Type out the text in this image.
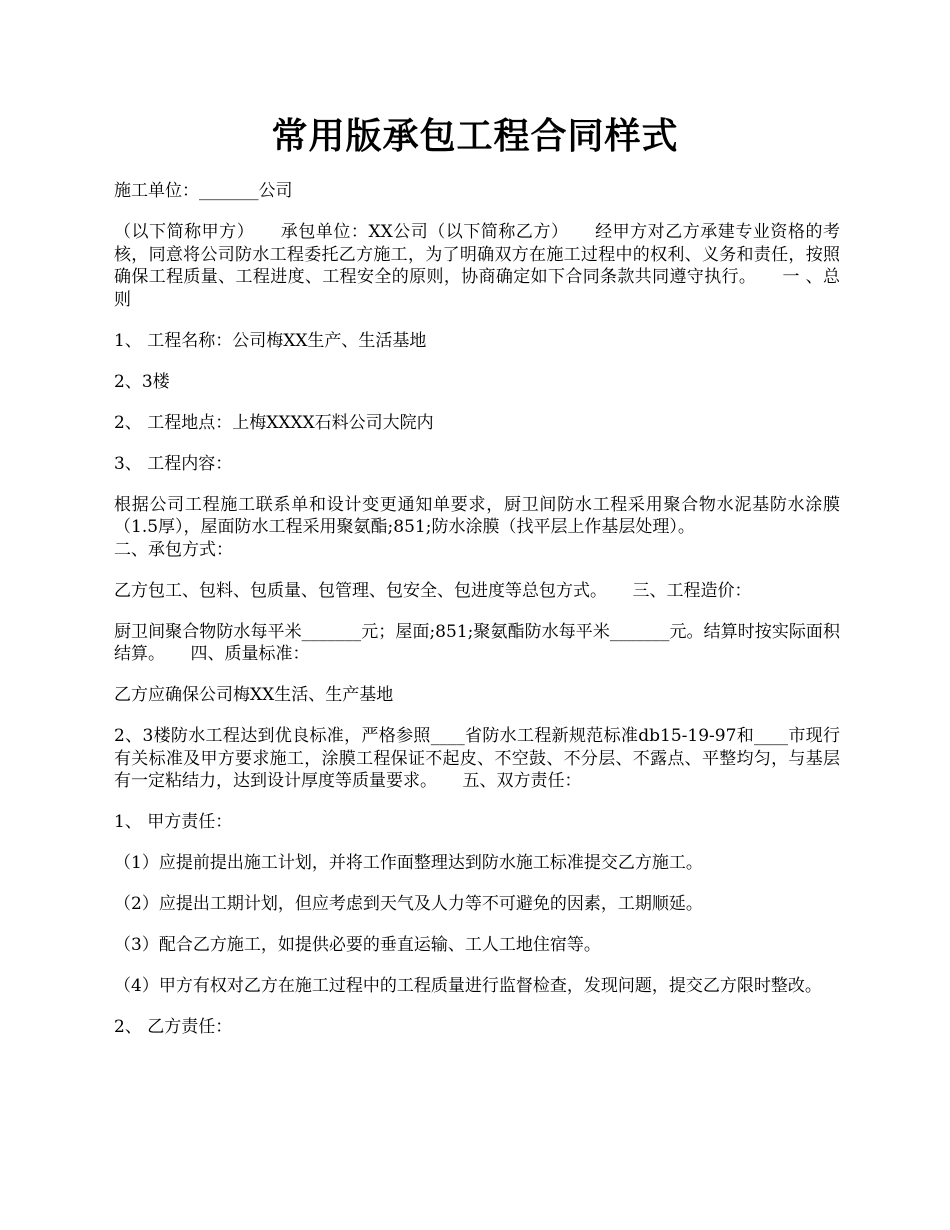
常用版承包工程合同样式

施工单位：_______公司

（以下简称甲方）　　承包单位：XX公司（以下简称乙方）　　经甲方对乙方承建专业资格的考核，同意将公司防水工程委托乙方施工，为了明确双方在施工过程中的权利、义务和责任，按照确保工程质量、工程进度、工程安全的原则，协商确定如下合同条款共同遵守执行。　　一 、总则

1、 工程名称：公司梅XX生产、生活基地

2、3楼

2、 工程地点：上梅XXXX石料公司大院内

3、 工程内容：

根据公司工程施工联系单和设计变更通知单要求，厨卫间防水工程采用聚合物水泥基防水涂膜（1.5厚），屋面防水工程采用聚氨酯;851;防水涂膜（找平层上作基层处理）。

二、承包方式：

乙方包工、包料、包质量、包管理、包安全、包进度等总包方式。　　三、工程造价：

厨卫间聚合物防水每平米_______元；屋面;851;聚氨酯防水每平米_______元。结算时按实际面积结算。　　四、质量标准：

乙方应确保公司梅XX生活、生产基地

2、3楼防水工程达到优良标准，严格参照____省防水工程新规范标准db15-19-97和____市现行有关标准及甲方要求施工，涂膜工程保证不起皮、不空鼓、不分层、不露点、平整均匀，与基层有一定粘结力，达到设计厚度等质量要求。　　五、双方责任：

1、 甲方责任：

（1）应提前提出施工计划，并将工作面整理达到防水施工标准提交乙方施工。

（2）应提出工期计划，但应考虑到天气及人力等不可避免的因素，工期顺延。

（3）配合乙方施工，如提供必要的垂直运输、工人工地住宿等。

（4）甲方有权对乙方在施工过程中的工程质量进行监督检查，发现问题，提交乙方限时整改。

2、 乙方责任：
